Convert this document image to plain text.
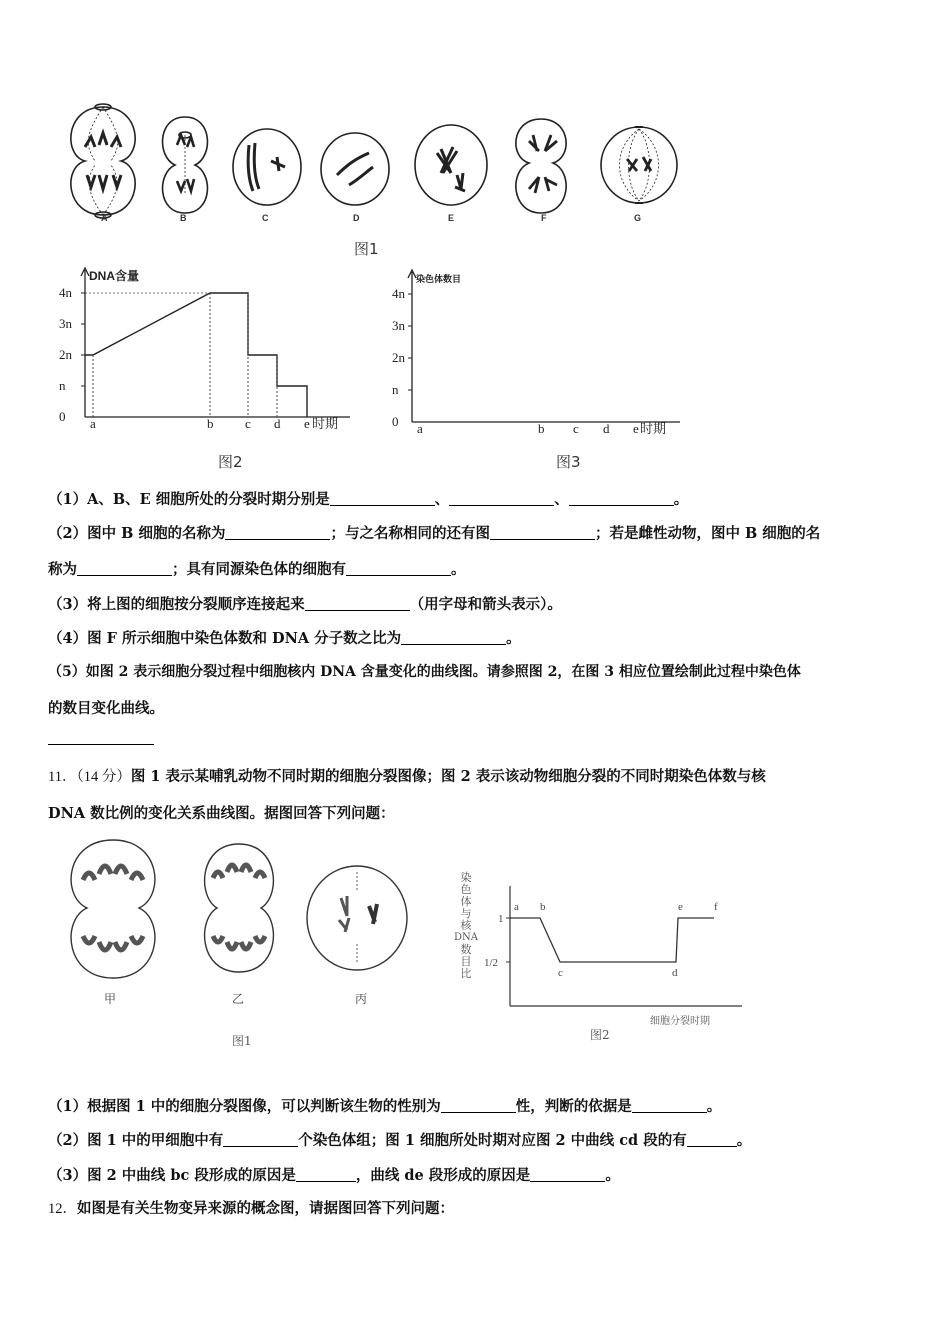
A	B	C	D	E	F	G
图1
DNA含量
4n
3n
2n
n
0 a	b c d e 时期
图2
染色体数目
4n
3n
2n
n
0 a	b c d e 时期
图3
（1）A、B、E 细胞所处的分裂时期分别是	、	、	。
（2）图中 B 细胞的名称为	；与之名称相同的还有图	；若是雌性动物，图中 B 细胞的名
称为	；具有同源染色体的细胞有	。
（3）将上图的细胞按分裂顺序连接起来	（用字母和箭头表示）。
（4）图 F 所示细胞中染色体数和 DNA 分子数之比为	。
（5）如图 2 表示细胞分裂过程中细胞核内 DNA 含量变化的曲线图。请参照图 2，在图 3 相应位置绘制此过程中染色体
的数目变化曲线。
11．（14 分）图 1 表示某哺乳动物不同时期的细胞分裂图像；图 2 表示该动物细胞分裂的不同时期染色体数与核
DNA 数比例的变化关系曲线图。据图回答下列问题：
甲	乙	丙
图1
染
色
体
与
核
DNA
数
目
比
1
1/2
a b
c	d
e	f
细胞分裂时期
图2
（1）根据图 1 中的细胞分裂图像，可以判断该生物的性别为	性，判断的依据是	。
（2）图 1 中的甲细胞中有	个染色体组；图 1 细胞所处时期对应图 2 中曲线 cd 段的有	。
（3）图 2 中曲线 bc 段形成的原因是	，曲线 de 段形成的原因是	。
12．如图是有关生物变异来源的概念图，请据图回答下列问题：
